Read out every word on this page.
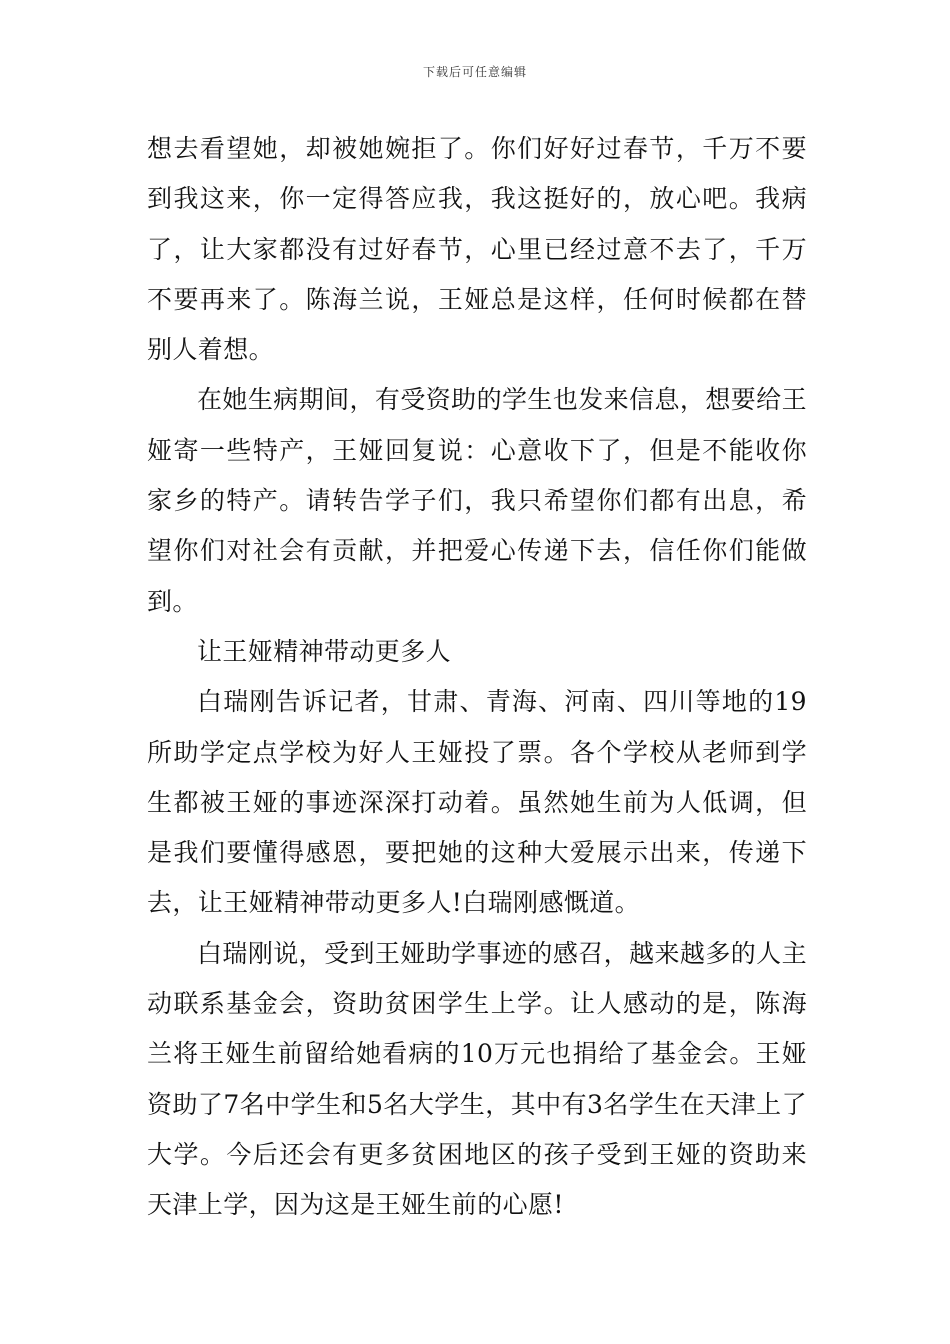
下载后可任意编辑

想去看望她，却被她婉拒了。你们好好过春节，千万不要到我这来，你一定得答应我，我这挺好的，放心吧。我病了，让大家都没有过好春节，心里已经过意不去了，千万不要再来了。陈海兰说，王娅总是这样，任何时候都在替别人着想。

在她生病期间，有受资助的学生也发来信息，想要给王娅寄一些特产，王娅回复说：心意收下了，但是不能收你家乡的特产。请转告学子们，我只希望你们都有出息，希望你们对社会有贡献，并把爱心传递下去，信任你们能做到。

让王娅精神带动更多人

白瑞刚告诉记者，甘肃、青海、河南、四川等地的19所助学定点学校为好人王娅投了票。各个学校从老师到学生都被王娅的事迹深深打动着。虽然她生前为人低调，但是我们要懂得感恩，要把她的这种大爱展示出来，传递下去，让王娅精神带动更多人!白瑞刚感慨道。

白瑞刚说，受到王娅助学事迹的感召，越来越多的人主动联系基金会，资助贫困学生上学。让人感动的是，陈海兰将王娅生前留给她看病的10万元也捐给了基金会。王娅资助了7名中学生和5名大学生，其中有3名学生在天津上了大学。今后还会有更多贫困地区的孩子受到王娅的资助来天津上学，因为这是王娅生前的心愿!
